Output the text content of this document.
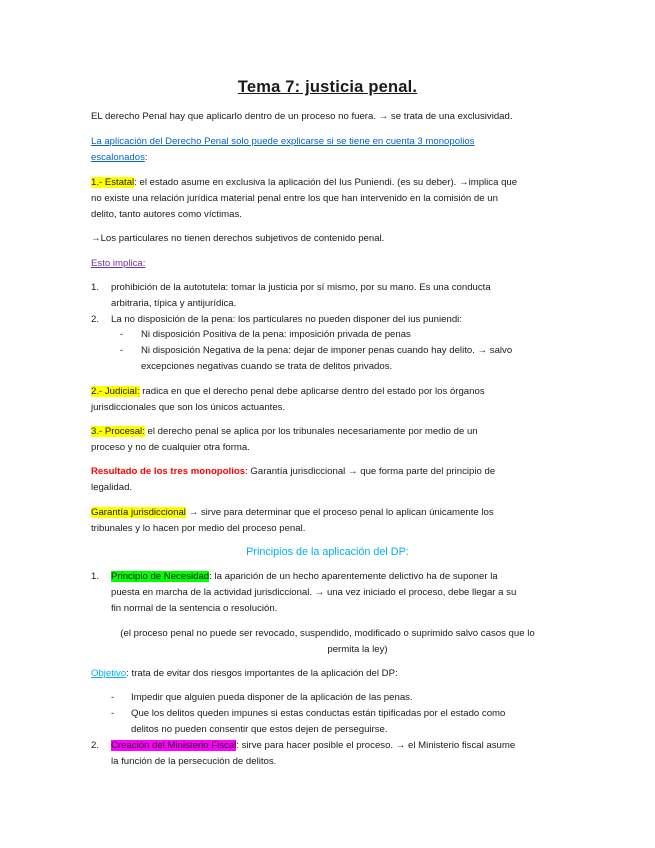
Tema 7: justicia penal.
EL derecho Penal hay que aplicarlo dentro de un proceso no fuera. → se trata de una exclusividad.
La aplicación del Derecho Penal solo puede explicarse si se tiene en cuenta 3 monopolios
escalonados:
1.- Estatal: el estado asume en exclusiva la aplicación del Ius Puniendi. (es su deber). →implica que
no existe una relación jurídica material penal entre los que han intervenido en la comisión de un
delito, tanto autores como víctimas.
→Los particulares no tienen derechos subjetivos de contenido penal.
Esto implica:
1. prohibición de la autotutela: tomar la justicia por sí mismo, por su mano. Es una conducta
arbitraria, típica y antijurídica.
2. La no disposición de la pena: los particulares no pueden disponer del ius puniendi:
- Ni disposición Positiva de la pena: imposición privada de penas
- Ni disposición Negativa de la pena: dejar de imponer penas cuando hay delito. → salvo
excepciones negativas cuando se trata de delitos privados.
2.- Judicial: radica en que el derecho penal debe aplicarse dentro del estado por los órganos
jurisdiccionales que son los únicos actuantes.
3.- Procesal: el derecho penal se aplica por los tribunales necesariamente por medio de un
proceso y no de cualquier otra forma.
Resultado de los tres monopolios: Garantía jurisdiccional → que forma parte del principio de
legalidad.
Garantía jurisdiccional → sirve para determinar que el proceso penal lo aplican únicamente los
tribunales y lo hacen por medio del proceso penal.
Principios de la aplicación del DP:
1. Principio de Necesidad: la aparición de un hecho aparentemente delictivo ha de suponer la
puesta en marcha de la actividad jurisdiccional. → una vez iniciado el proceso, debe llegar a su
fin normal de la sentencia o resolución.
(el proceso penal no puede ser revocado, suspendido, modificado o suprimido salvo casos que lo
permita la ley)
Objetivo: trata de evitar dos riesgos importantes de la aplicación del DP:
- Impedir que alguien pueda disponer de la aplicación de las penas.
- Que los delitos queden impunes si estas conductas están tipificadas por el estado como
delitos no pueden consentir que estos dejen de perseguirse.
2. Creación del Ministerio Fiscal: sirve para hacer posible el proceso. → el Ministerio fiscal asume
la función de la persecución de delitos.
